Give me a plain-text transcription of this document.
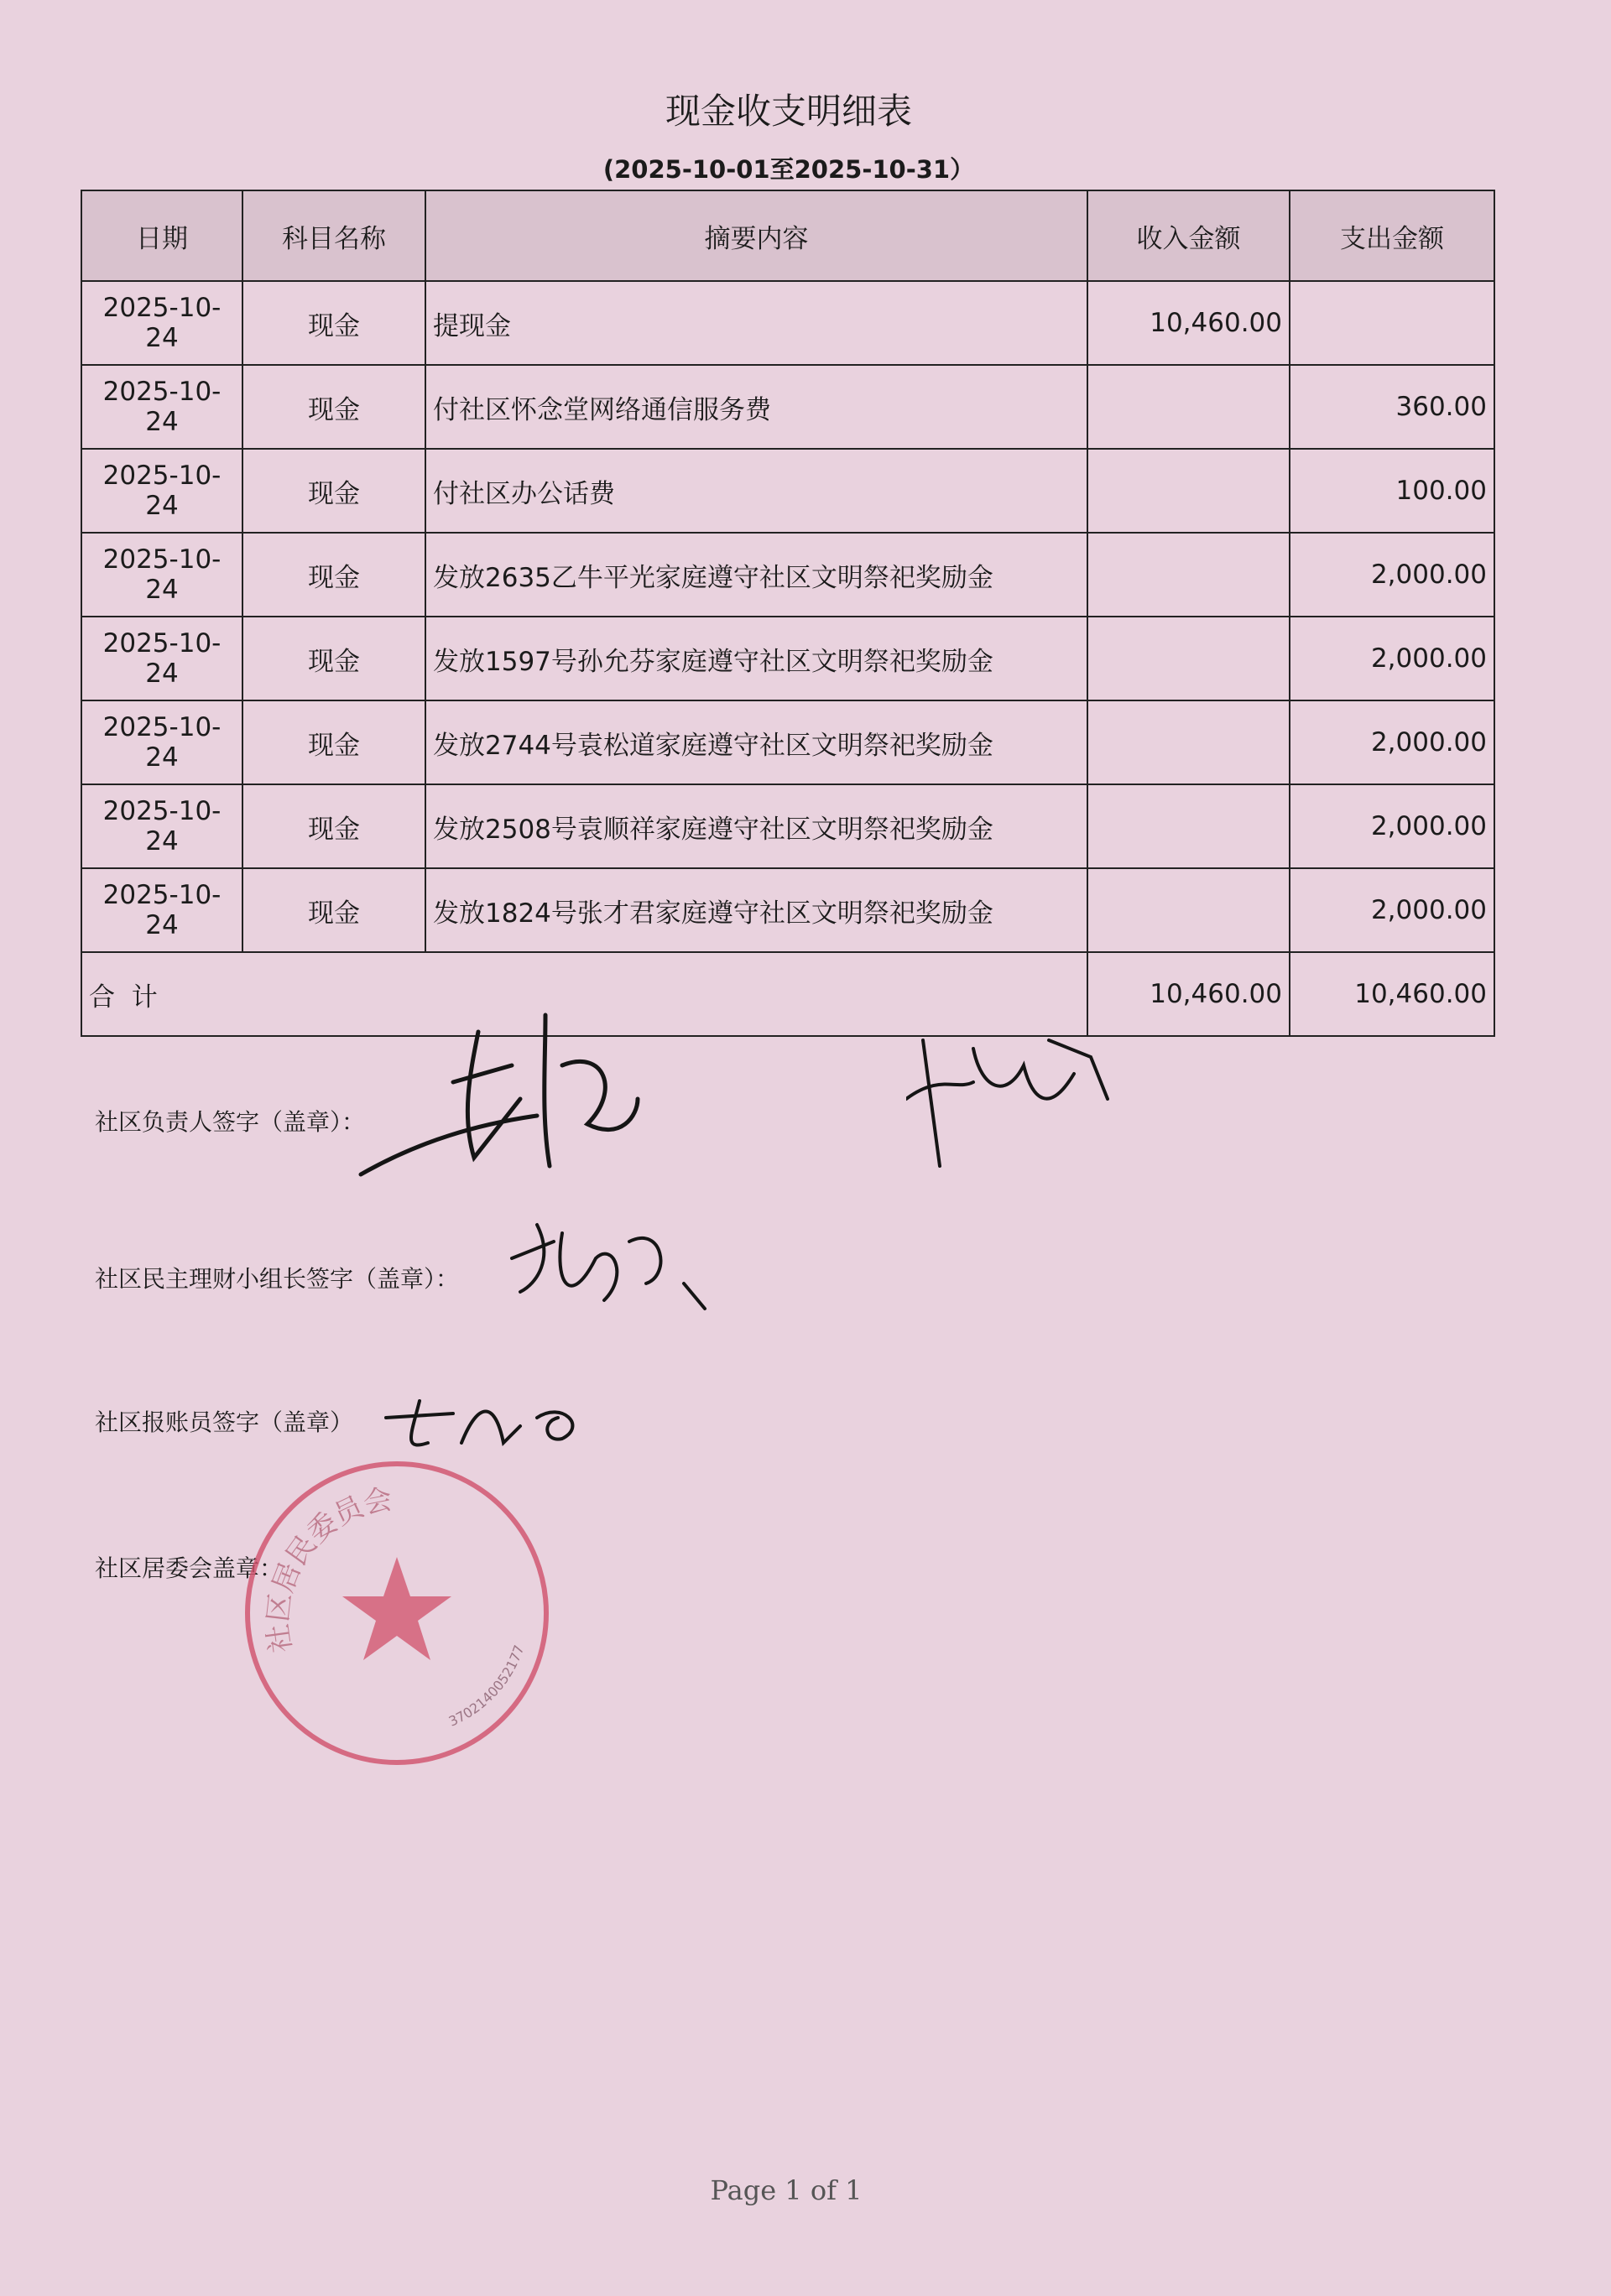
现金收支明细表
(2025-10-01至2025-10-31）
日期	科目名称	摘要内容	收入金额	支出金额
2025-10-24	现金	提现金	10,460.00	
2025-10-24	现金	付社区怀念堂网络通信服务费		360.00
2025-10-24	现金	付社区办公话费		100.00
2025-10-24	现金	发放2635乙牛平光家庭遵守社区文明祭祀奖励金		2,000.00
2025-10-24	现金	发放1597号孙允芬家庭遵守社区文明祭祀奖励金		2,000.00
2025-10-24	现金	发放2744号袁松道家庭遵守社区文明祭祀奖励金		2,000.00
2025-10-24	现金	发放2508号袁顺祥家庭遵守社区文明祭祀奖励金		2,000.00
2025-10-24	现金	发放1824号张才君家庭遵守社区文明祭祀奖励金		2,000.00
合  计			10,460.00	10,460.00
社区负责人签字（盖章）：
社区民主理财小组长签字（盖章）：
社区报账员签字（盖章）
社区居委会盖章：
社区居民委员会
3702140052177
Page 1 of 1
